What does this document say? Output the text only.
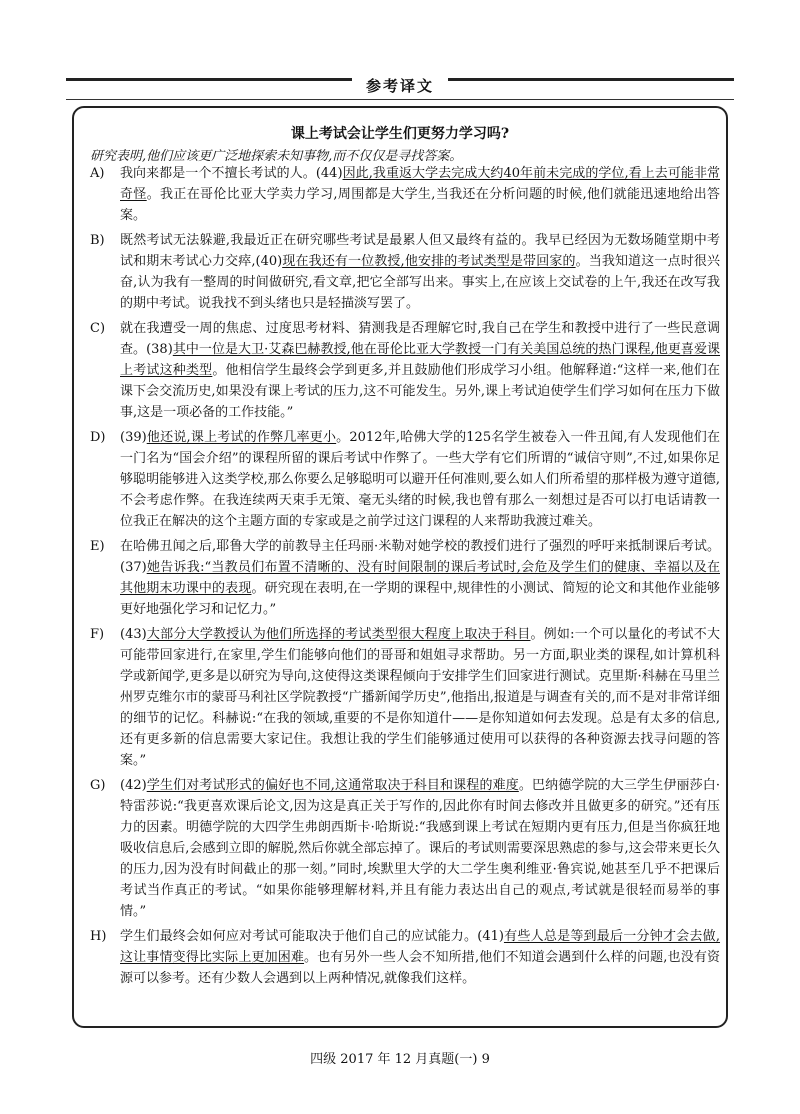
参考译文
课上考试会让学生们更努力学习吗?
研究表明,他们应该更广泛地探索未知事物,而不仅仅是寻找答案。
A)	我向来都是一个不擅长考试的人。(44)因此,我重返大学去完成大约40年前未完成的学位,看上去可能非常奇怪。我正在哥伦比亚大学卖力学习,周围都是大学生,当我还在分析问题的时候,他们就能迅速地给出答案。
B)	既然考试无法躲避,我最近正在研究哪些考试是最累人但又最终有益的。我早已经因为无数场随堂期中考试和期末考试心力交瘁,(40)现在我还有一位教授,他安排的考试类型是带回家的。当我知道这一点时很兴奋,认为我有一整周的时间做研究,看文章,把它全部写出来。事实上,在应该上交试卷的上午,我还在改写我的期中考试。说我找不到头绪也只是轻描淡写罢了。
C)	就在我遭受一周的焦虑、过度思考材料、猜测我是否理解它时,我自己在学生和教授中进行了一些民意调查。(38)其中一位是大卫·艾森巴赫教授,他在哥伦比亚大学教授一门有关美国总统的热门课程,他更喜爱课上考试这种类型。他相信学生最终会学到更多,并且鼓励他们形成学习小组。他解释道:“这样一来,他们在课下会交流历史,如果没有课上考试的压力,这不可能发生。另外,课上考试迫使学生们学习如何在压力下做事,这是一项必备的工作技能。”
D)	(39)他还说,课上考试的作弊几率更小。2012年,哈佛大学的125名学生被卷入一件丑闻,有人发现他们在一门名为“国会介绍”的课程所留的课后考试中作弊了。一些大学有它们所谓的“诚信守则”,不过,如果你足够聪明能够进入这类学校,那么你要么足够聪明可以避开任何准则,要么如人们所希望的那样极为遵守道德,不会考虑作弊。在我连续两天束手无策、毫无头绪的时候,我也曾有那么一刻想过是否可以打电话请教一位我正在解决的这个主题方面的专家或是之前学过这门课程的人来帮助我渡过难关。
E)	在哈佛丑闻之后,耶鲁大学的前教导主任玛丽·米勒对她学校的教授们进行了强烈的呼吁来抵制课后考试。(37)她告诉我:“当教员们布置不清晰的、没有时间限制的课后考试时,会危及学生们的健康、幸福以及在其他期末功课中的表现。研究现在表明,在一学期的课程中,规律性的小测试、简短的论文和其他作业能够更好地强化学习和记忆力。”
F)	(43)大部分大学教授认为他们所选择的考试类型很大程度上取决于科目。例如:一个可以量化的考试不大可能带回家进行,在家里,学生们能够向他们的哥哥和姐姐寻求帮助。另一方面,职业类的课程,如计算机科学或新闻学,更多是以研究为导向,这使得这类课程倾向于安排学生们回家进行测试。克里斯·科赫在马里兰州罗克维尔市的蒙哥马利社区学院教授“广播新闻学历史”,他指出,报道是与调查有关的,而不是对非常详细的细节的记忆。科赫说:“在我的领域,重要的不是你知道什——是你知道如何去发现。总是有太多的信息,还有更多新的信息需要大家记住。我想让我的学生们能够通过使用可以获得的各种资源去找寻问题的答案。”
G)	(42)学生们对考试形式的偏好也不同,这通常取决于科目和课程的难度。巴纳德学院的大三学生伊丽莎白·特雷莎说:“我更喜欢课后论文,因为这是真正关于写作的,因此你有时间去修改并且做更多的研究。”还有压力的因素。明德学院的大四学生弗朗西斯卡·哈斯说:“我感到课上考试在短期内更有压力,但是当你疯狂地吸收信息后,会感到立即的解脱,然后你就全部忘掉了。课后的考试则需要深思熟虑的参与,这会带来更长久的压力,因为没有时间截止的那一刻。”同时,埃默里大学的大二学生奥利维亚·鲁宾说,她甚至几乎不把课后考试当作真正的考试。“如果你能够理解材料,并且有能力表达出自己的观点,考试就是很轻而易举的事情。”
H)	学生们最终会如何应对考试可能取决于他们自己的应试能力。(41)有些人总是等到最后一分钟才会去做,这让事情变得比实际上更加困难。也有另外一些人会不知所措,他们不知道会遇到什么样的问题,也没有资源可以参考。还有少数人会遇到以上两种情况,就像我们这样。
四级 2017 年 12 月真题(一) 9
